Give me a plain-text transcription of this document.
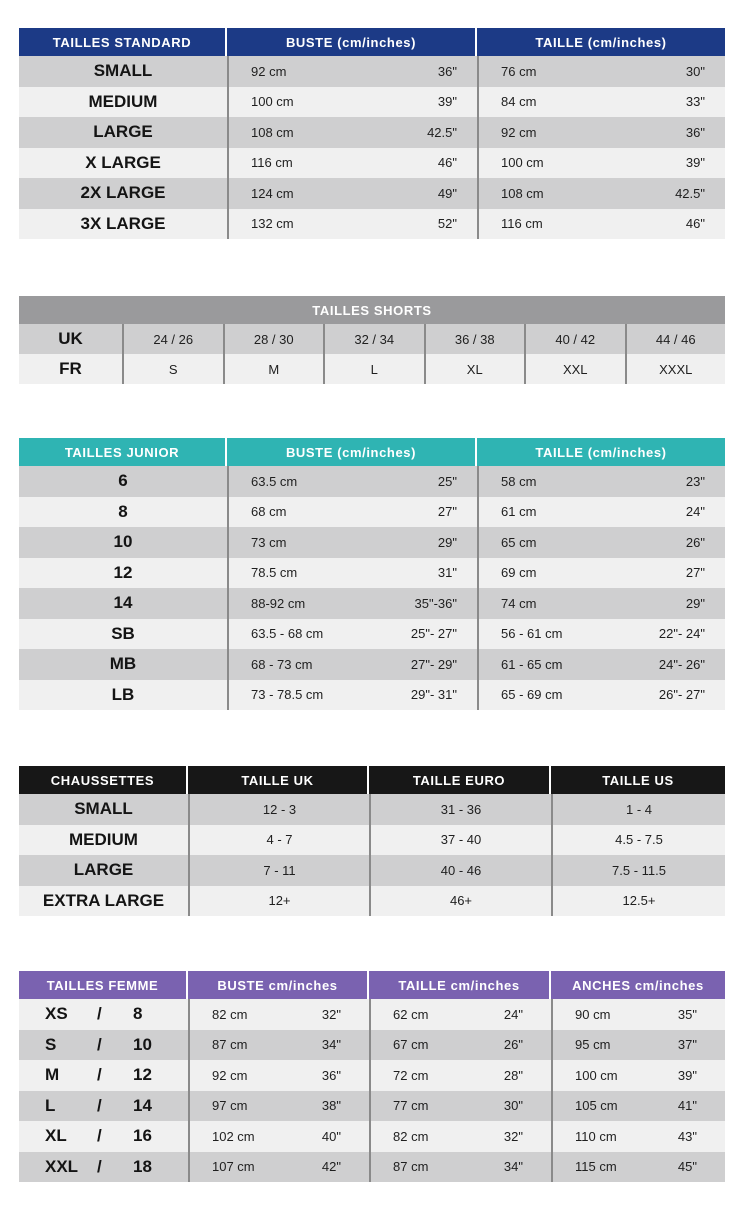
TAILLES STANDARD	BUSTE (cm/inches)	TAILLE (cm/inches)
SMALL	92 cm	36"	76 cm	30"
MEDIUM	100 cm	39"	84 cm	33"
LARGE	108 cm	42.5"	92 cm	36"
X LARGE	116 cm	46"	100 cm	39"
2X LARGE	124 cm	49"	108 cm	42.5"
3X LARGE	132 cm	52"	116 cm	46"
TAILLES SHORTS
UK	24 / 26	28 / 30	32 / 34	36 / 38	40 / 42	44 / 46
FR	S	M	L	XL	XXL	XXXL
TAILLES JUNIOR	BUSTE (cm/inches)	TAILLE (cm/inches)
6	63.5 cm	25"	58 cm	23"
8	68 cm	27"	61 cm	24"
10	73 cm	29"	65 cm	26"
12	78.5 cm	31"	69 cm	27"
14	88-92 cm	35"-36"	74 cm	29"
SB	63.5 - 68 cm	25"- 27"	56 - 61 cm	22"- 24"
MB	68 - 73 cm	27"- 29"	61 - 65 cm	24"- 26"
LB	73 - 78.5 cm	29"- 31"	65 - 69 cm	26"- 27"
CHAUSSETTES	TAILLE UK	TAILLE EURO	TAILLE US
SMALL	12 - 3	31 - 36	1 - 4
MEDIUM	4 - 7	37 - 40	4.5 - 7.5
LARGE	7 - 11	40 - 46	7.5 - 11.5
EXTRA LARGE	12+	46+	12.5+
TAILLES FEMME	BUSTE cm/inches	TAILLE cm/inches	ANCHES cm/inches
XS	/	8	82 cm	32"	62 cm	24"	90 cm	35"
S	/	10	87 cm	34"	67 cm	26"	95 cm	37"
M	/	12	92 cm	36"	72 cm	28"	100 cm	39"
L	/	14	97 cm	38"	77 cm	30"	105 cm	41"
XL	/	16	102 cm	40"	82 cm	32"	110 cm	43"
XXL	/	18	107 cm	42"	87 cm	34"	115 cm	45"
